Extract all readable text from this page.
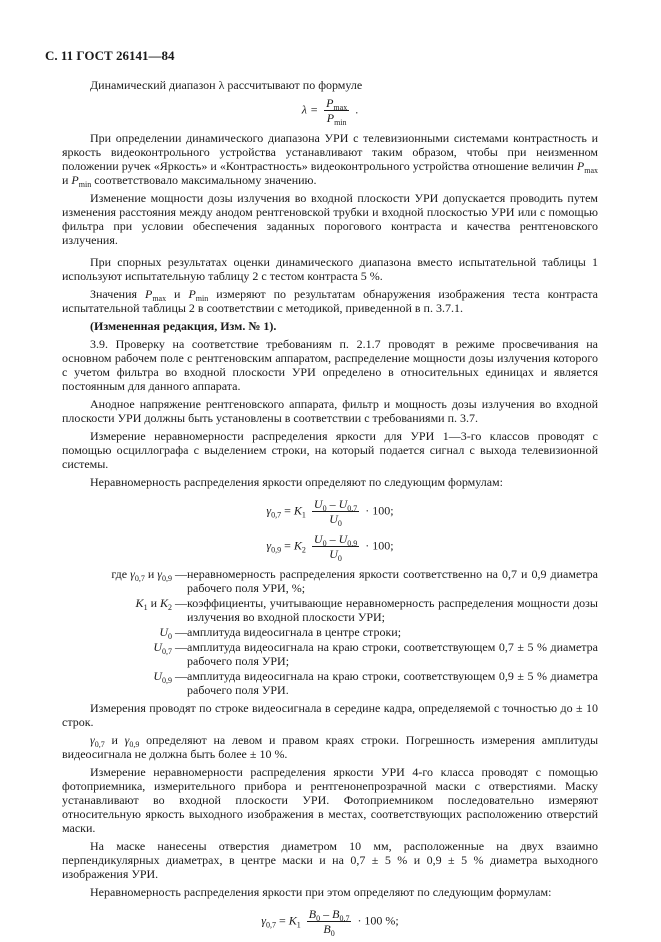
С. 11 ГОСТ 26141—84

Динамический диапазон λ рассчитывают по формуле

$\lambda = \frac{P_{max}}{P_{min}}$ .

При определении динамического диапазона УРИ с телевизионными системами контрастность и яркость видеоконтрольного устройства устанавливают таким образом, чтобы при неизменном положении ручек «Яркость» и «Контрастность» видеоконтрольного устройства отношение величин $P_{max}$ и $P_{min}$ соответствовало максимальному значению.

Изменение мощности дозы излучения во входной плоскости УРИ допускается проводить путем изменения расстояния между анодом рентгеновской трубки и входной плоскостью УРИ или с помощью фильтра при условии обеспечения заданных порогового контраста и качества рентгеновского излучения.

При спорных результатах оценки динамического диапазона вместо испытательной таблицы 1 используют испытательную таблицу 2 с тестом контраста 5 %.

Значения $P_{max}$ и $P_{min}$ измеряют по результатам обнаружения изображения теста контраста испытательной таблицы 2 в соответствии с методикой, приведенной в п. 3.7.1.

(Измененная редакция, Изм. № 1).

3.9. Проверку на соответствие требованиям п. 2.1.7 проводят в режиме просвечивания на основном рабочем поле с рентгеновским аппаратом, распределение мощности дозы излучения которого с учетом фильтра во входной плоскости УРИ определено в относительных единицах и является постоянным для данного аппарата.

Анодное напряжение рентгеновского аппарата, фильтр и мощность дозы излучения во входной плоскости УРИ должны быть установлены в соответствии с требованиями п. 3.7.

Измерение неравномерности распределения яркости для УРИ 1—3-го классов проводят с помощью осциллографа с выделением строки, на который подается сигнал с выхода телевизионной системы.

Неравномерность распределения яркости определяют по следующим формулам:

$\gamma_{0,7} = K_1 \frac{U_0 - U_{0,7}}{U_0} \cdot 100$;
$\gamma_{0,9} = K_2 \frac{U_0 - U_{0,9}}{U_0} \cdot 100$;
где $\gamma_{0,7}$ и $\gamma_{0,9}$ — неравномерность распределения яркости соответственно на 0,7 и 0,9 диаметра рабочего поля УРИ, %;
$K_1$ и $K_2$ — коэффициенты, учитывающие неравномерность распределения мощности дозы излучения во входной плоскости УРИ;
$U_0$ — амплитуда видеосигнала в центре строки;
$U_{0,7}$ — амплитуда видеосигнала на краю строки, соответствующем 0,7 ± 5 % диаметра рабочего поля УРИ;
$U_{0,9}$ — амплитуда видеосигнала на краю строки, соответствующем 0,9 ± 5 % диаметра рабочего поля УРИ.

Измерения проводят по строке видеосигнала в середине кадра, определяемой с точностью до ± 10 строк.

$\gamma_{0,7}$ и $\gamma_{0,9}$ определяют на левом и правом краях строки. Погрешность измерения амплитуды видеосигнала не должна быть более ± 10 %.

Измерение неравномерности распределения яркости УРИ 4-го класса проводят с помощью фотоприемника, измерительного прибора и рентгенонепрозрачной маски с отверстиями. Маску устанавливают во входной плоскости УРИ. Фотоприемником последовательно измеряют относительную яркость выходного изображения в местах, соответствующих расположению отверстий маски.

На маске нанесены отверстия диаметром 10 мм, расположенные на двух взаимно перпендикулярных диаметрах, в центре маски и на 0,7 ± 5 % и 0,9 ± 5 % диаметра выходного изображения УРИ.

Неравномерность распределения яркости при этом определяют по следующим формулам:

$\gamma_{0,7} = K_1 \frac{B_0 - B_{0,7}}{B_0} \cdot 100$ %;
